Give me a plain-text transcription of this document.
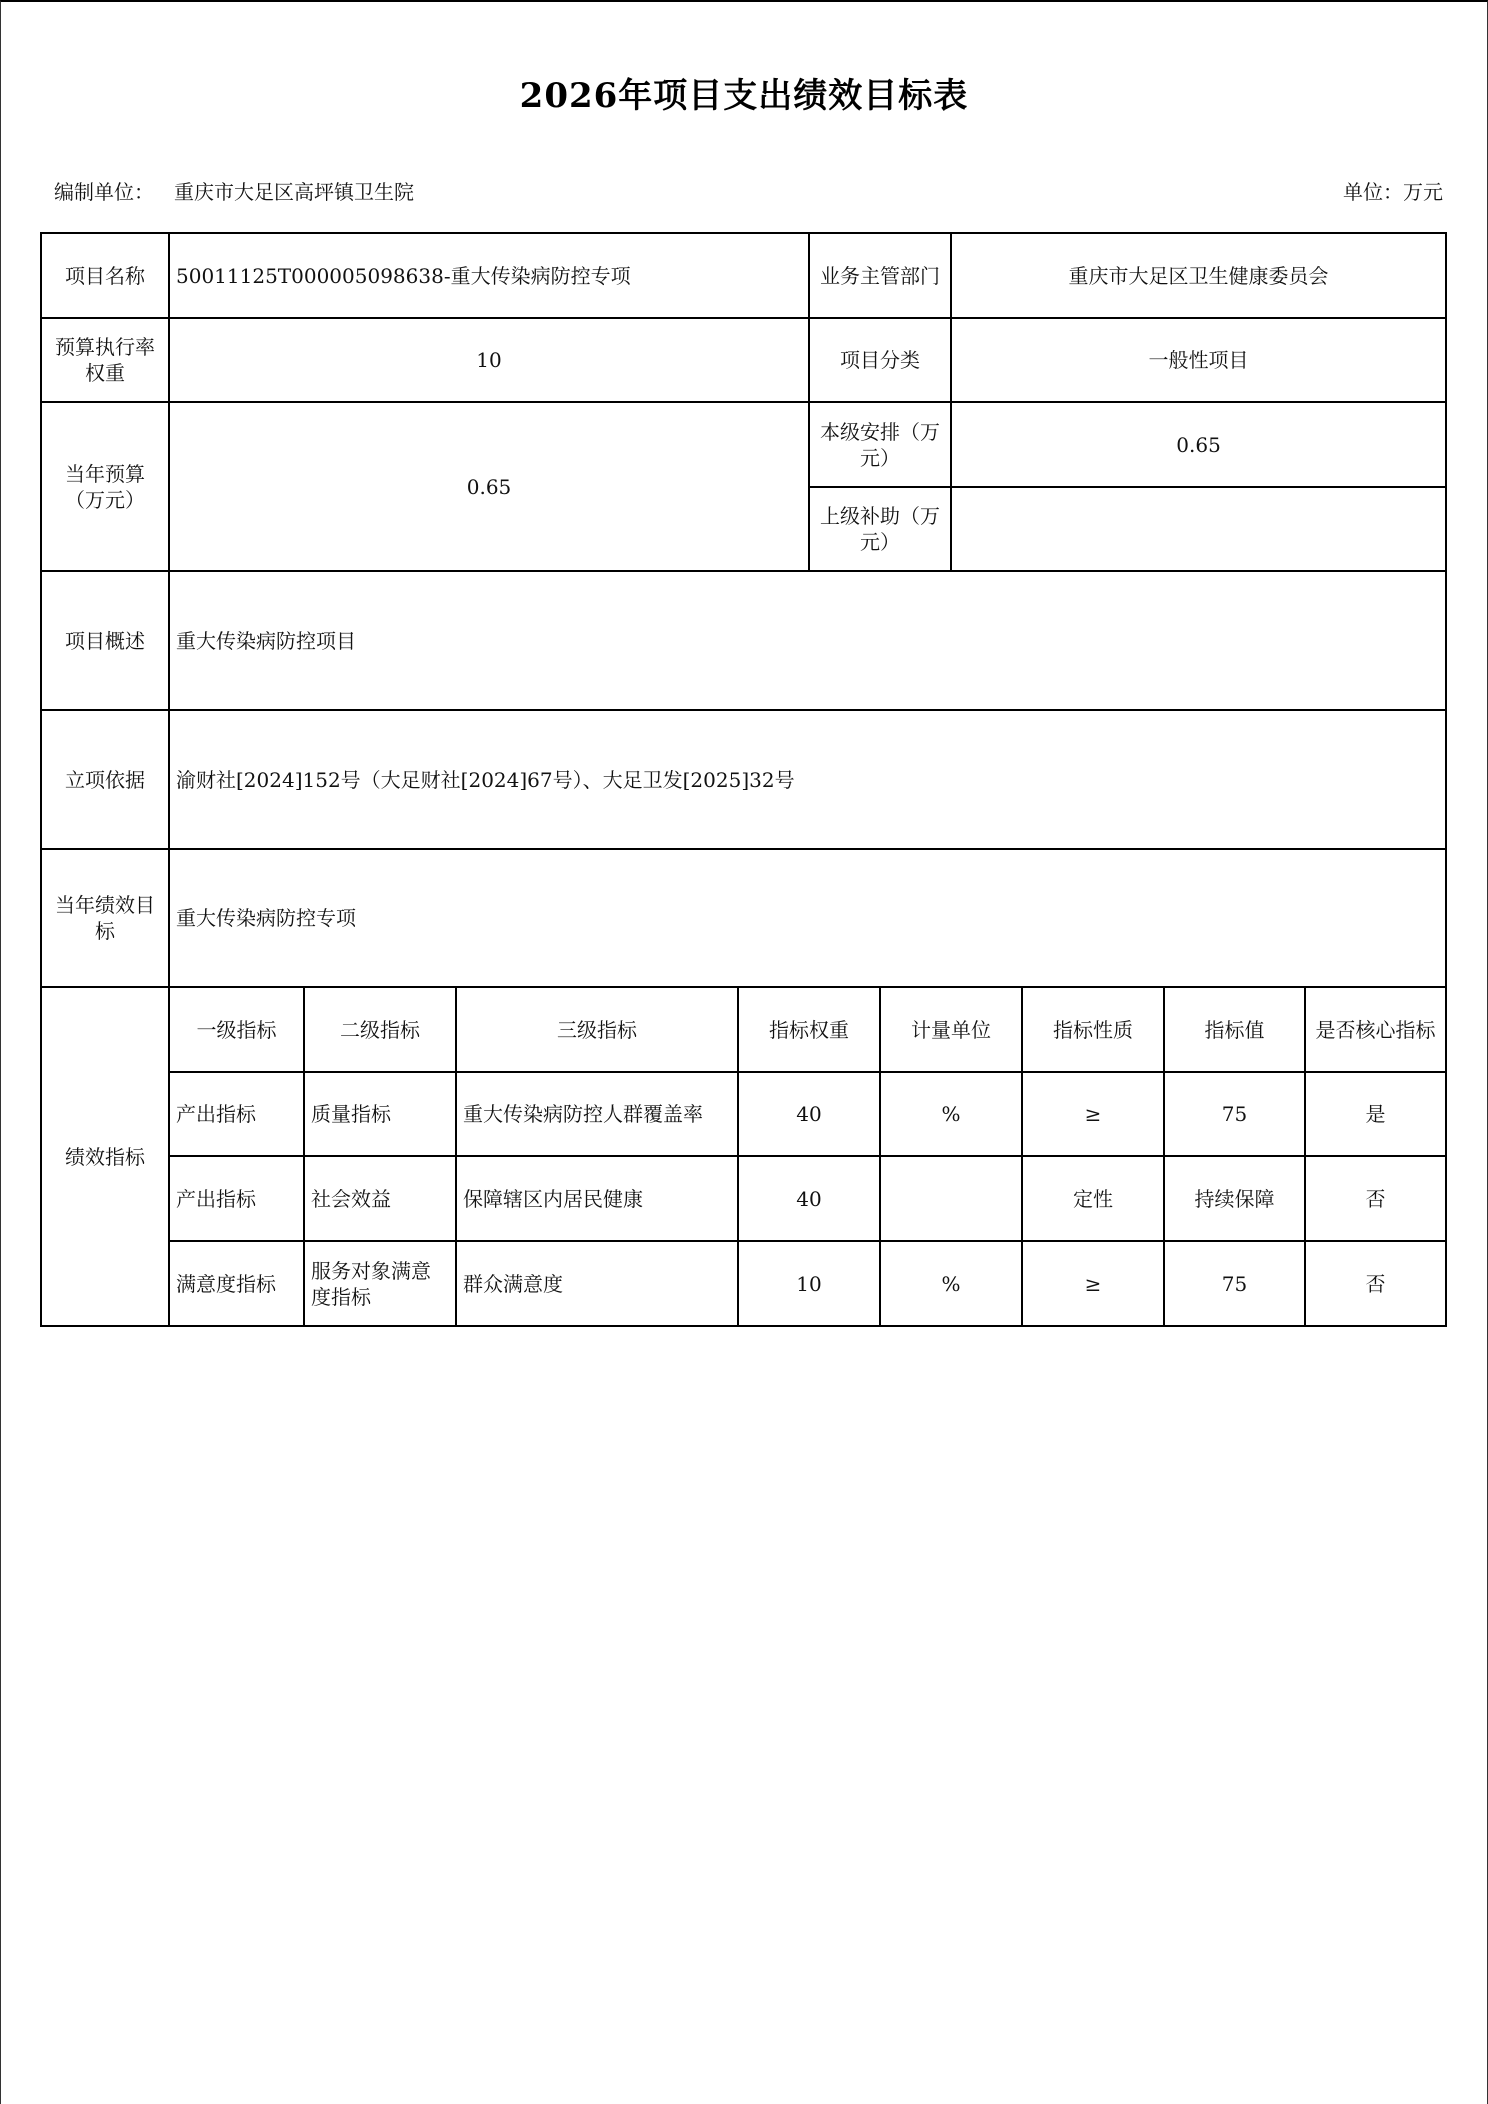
2026年项目支出绩效目标表
编制单位： 重庆市大足区高坪镇卫生院	单位：万元
项目名称	50011125T000005098638-重大传染病防控专项				业务主管部门		重庆市大足区卫生健康委员会			
预算执行率权重	10				项目分类		一般性项目			
当年预算（万元）	0.65				本级安排（万元）		0.65			
					上级补助（万元）					
项目概述	重大传染病防控项目									
立项依据	渝财社[2024]152号（大足财社[2024]67号）、大足卫发[2025]32号									
当年绩效目标	重大传染病防控专项									
绩效指标	一级指标	二级指标	三级指标	指标权重		计量单位		指标性质	指标值	是否核心指标
	产出指标	质量指标	重大传染病防控人群覆盖率	40		%		≥	75	是
	产出指标	社会效益	保障辖区内居民健康	40				定性	持续保障	否
	满意度指标	服务对象满意度指标	群众满意度	10		%		≥	75	否
